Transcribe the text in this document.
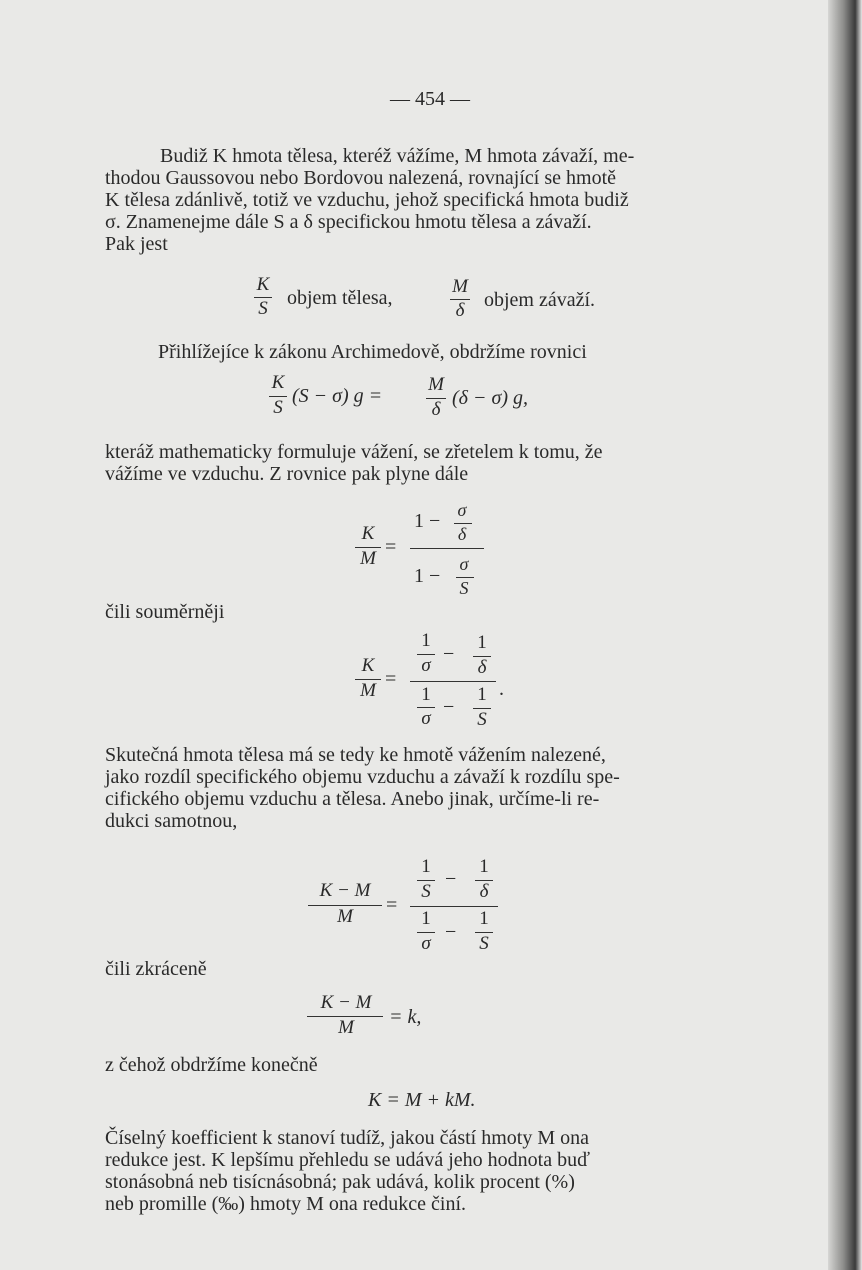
— 454 —
Budiž K hmota tělesa, kteréž vážíme, M hmota závaží, me-
thodou Gaussovou nebo Bordovou nalezená, rovnající se hmotě
K tělesa zdánlivě, totiž ve vzduchu, jehož specifická hmota budiž
σ. Znamenejme dále S a δ specifickou hmotu tělesa a závaží.
Pak jest
K
S objem tělesa,
M
δ objem závaží.
Přihlížejíce k zákonu Archimedově, obdržíme rovnici
K
S
(S − σ) g =
M
δ
(δ − σ) g,
kteráž mathematicky formuluje vážení, se zřetelem k tomu, že
vážíme ve vzduchu. Z rovnice pak plyne dále
K
M
=
1 − σ
δ
1 −
σ
S
čili souměrněji
K
M
=
1
σ
−
1
δ
1
σ
−
1
S
.
Skutečná hmota tělesa má se tedy ke hmotě vážením nalezené,
jako rozdíl specifického objemu vzduchu a závaží k rozdílu spe-
cifického objemu vzduchu a tělesa. Anebo jinak, určíme-li re-
dukci samotnou,
K − M
M
=
1
S
−
1
δ
1
σ
−
1
S
čili zkráceně
K − M
M	= k,
z čehož obdržíme konečně
K = M + kM.
Číselný koefficient k stanoví tudíž, jakou částí hmoty M ona
redukce jest. K lepšímu přehledu se udává jeho hodnota buď
stonásobná neb tisícnásobná; pak udává, kolik procent (%)
neb promille (‰) hmoty M ona redukce činí.
